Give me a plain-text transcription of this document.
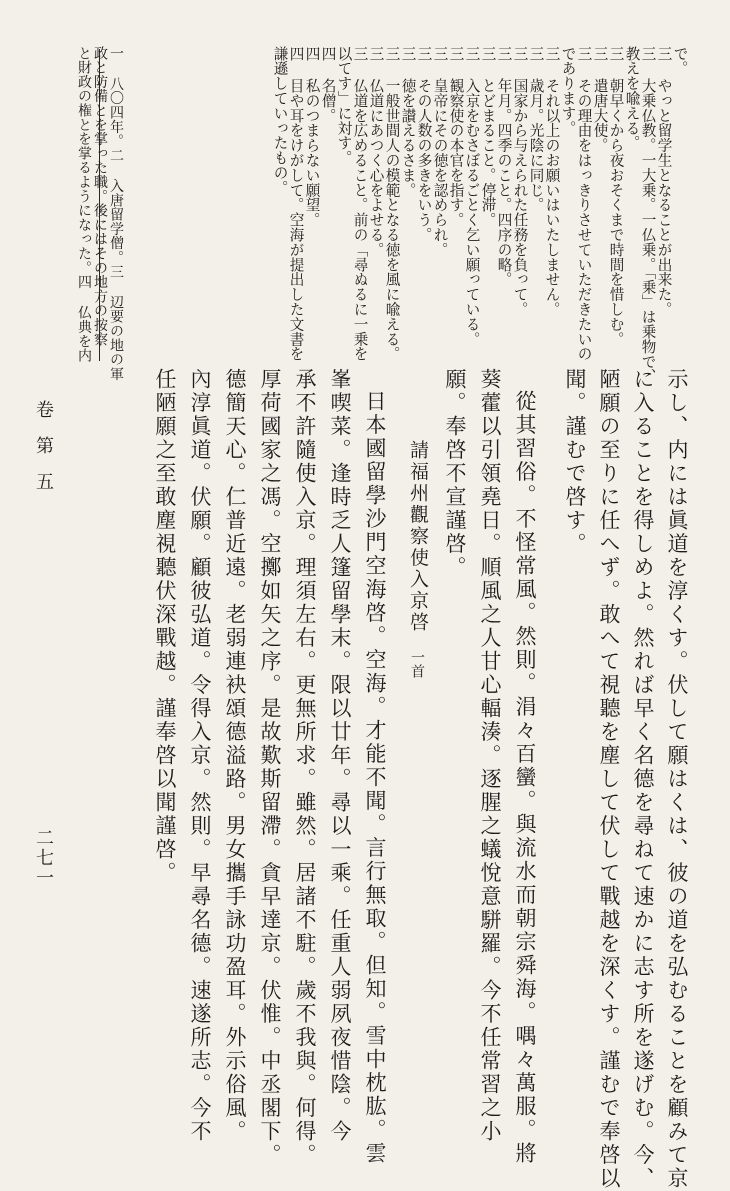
で。
三 やっと留学生となることが出来た。
三 大乗仏教。一大乗。一仏乗。「乗」は乗物で、
教えを喩える。
三 朝早くから夜おそくまで時間を惜しむ。
三 遣唐大使。
三 その理由をはっきりさせていただきたいの
であります。
三 それ以上のお願いはいたしません。
三 歳月。光陰に同じ。
三 国家から与えられた任務を負って。
三 年月。四季のこと。四序の略。
三 とどまること。停滞。
三 入京をむさぼるごとく乞い願っている。
三 観察使の本官を指す。
三 皇帝にその徳を認められ。
三 その人数の多きをいう。
三 徳を讃えるさま。
三 一般世間人の模範となる徳を風に喩える。
三 仏道にあつく心をよせる。
三 仏道を広めること。前の「尋ぬるに一乗を
以てす」に対す。
四 名僧。
四 私のつまらない願望。
四 目や耳をけがして。空海が提出した文書を
謙遜していったもの。
示し、内には眞道を淳くす。伏して願はくは、彼の道を弘むることを顧みて京
に入ることを得しめよ。然れば早く名德を尋ねて速かに志す所を遂げむ。今、
陋願の至りに任へず。敢へて視聽を塵して伏して戰越を深くす。謹むで奉啓以
聞。謹むで啓す。
從其習俗。不怪常風。然則。涓々百蠻。與流水而朝宗舜海。喁々萬服。將
葵藿以引領堯日。順風之人甘心輻湊。逐腥之蟻悅意駢羅。今不任常習之小
願。奉啓不宣謹啓。
請福州觀察使入京啓
一首
日本國留學沙門空海啓。空海。才能不聞。言行無取。但知。雪中枕肱。雲
峯喫菜。逢時乏人篷留學末。限以廿年。尋以一乘。任重人弱夙夜惜陰。今
承不許隨使入京。理須左右。更無所求。雖然。居諸不駐。歲不我與。何得。
厚荷國家之馮。空擲如矢之序。是故歎斯留滯。貪早達京。伏惟。中丞閣下。
德簡天心。仁普近遠。老弱連袂頌德溢路。男女攜手詠功盈耳。外示俗風。
內淳眞道。伏願。顧彼弘道。令得入京。然則。早尋名德。速遂所志。今不
任陋願之至敢塵視聽伏深戰越。謹奉啓以聞謹啓。
一 八〇四年。二 入唐留学僧。三 辺要の地の軍
政と防備とを掌った職。後にはその地方の按察
と財政の権とを掌るようになった。四 仏典を内
卷第五
二七一
